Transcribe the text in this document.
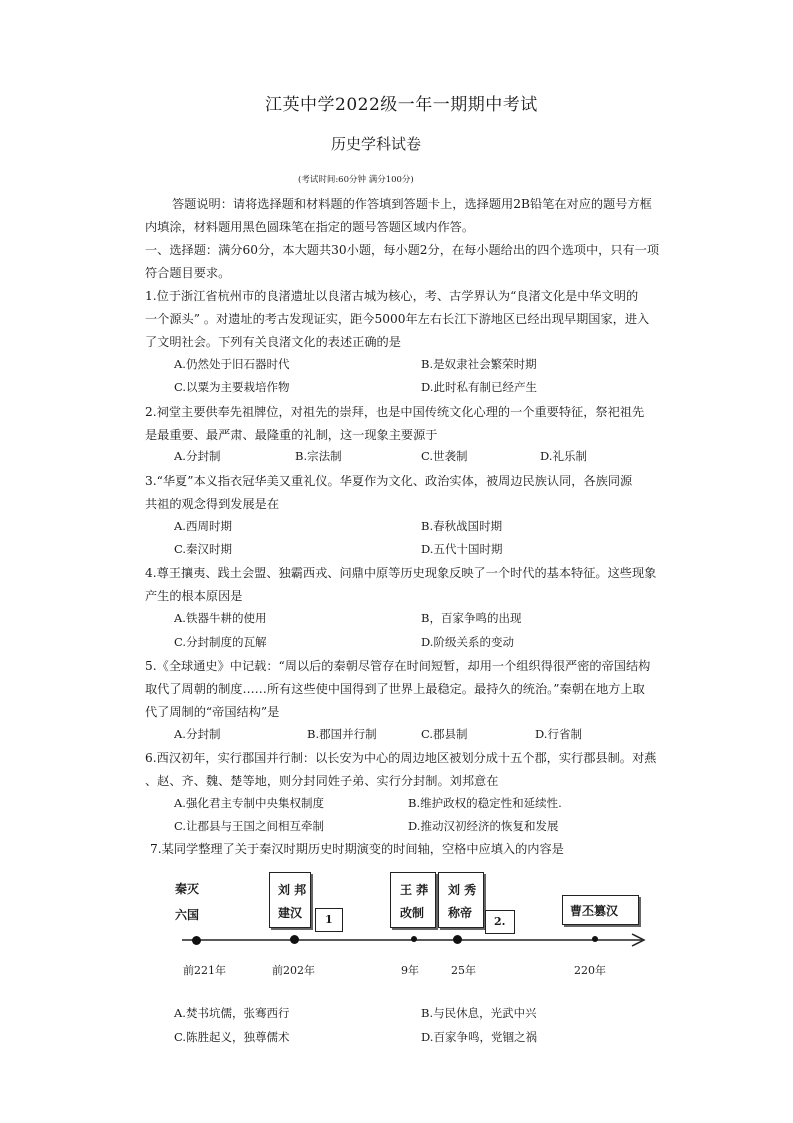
江英中学2022级一年一期期中考试
历史学科试卷
(考试时间:60分钟 满分100分)
答题说明：请将选择题和材料题的作答填到答题卡上，选择题用2B铅笔在对应的题号方框
内填涂，材料题用黑色圆珠笔在指定的题号答题区域内作答。
一、选择题：满分60分，本大题共30小题，每小题2分，在每小题给出的四个选项中，只有一项
符合题目要求。
1.位于浙江省杭州市的良渚遗址以良渚古城为核心，考、古学界认为“良渚文化是中华文明的
一个源头” 。对遗址的考古发现证实，距今5000年左右长江下游地区已经出现早期国家，进入
了文明社会。下列有关良渚文化的表述正确的是
A.仍然处于旧石器时代	B.是奴隶社会繁荣时期
C.以粟为主要栽培作物	D.此时私有制已经产生
2.祠堂主要供奉先祖牌位，对祖先的崇拜，也是中国传统文化心理的一个重要特征，祭祀祖先
是最重要、最严肃、最隆重的礼制，这一现象主要源于
A.分封制	B.宗法制	C.世袭制	D.礼乐制
3.“华夏”本义指衣冠华美又重礼仪。华夏作为文化、政治实体，被周边民族认同，各族同源
共祖的观念得到发展是在
A.西周时期	B.春秋战国时期
C.秦汉时期	D.五代十国时期
4.尊王攘夷、践土会盟、独霸西戎、问鼎中原等历史现象反映了一个时代的基本特征。这些现象
产生的根本原因是
A.铁器牛耕的使用	B，百家争鸣的出现
C.分封制度的瓦解	D.阶级关系的变动
5.《全球通史》中记载：“周以后的秦朝尽管存在时间短暂，却用一个组织得很严密的帝国结构
取代了周朝的制度……所有这些使中国得到了世界上最稳定。最持久的统治。”秦朝在地方上取
代了周制的“帝国结构”是
A.分封制	B.郡国并行制	C.郡县制	D.行省制
6.西汉初年，实行郡国并行制：以长安为中心的周边地区被划分成十五个郡，实行郡县制。对燕
、赵、齐、魏、楚等地，则分封同姓子弟、实行分封制。刘邦意在
A.强化君主专制中央集权制度	B.维护政权的稳定性和延续性.
C.让郡县与王国之间相互牵制	D.推动汉初经济的恢复和发展
7.某同学整理了关于秦汉时期历史时期演变的时间轴，空格中应填入的内容是
秦灭
六国
前221年
刘 邦
建汉
前202年
1
王 莽
改制
9年
刘 秀
称帝
25年
2.
曹丕篡汉
220年
A.焚书坑儒，张骞西行	B.与民休息，光武中兴
C.陈胜起义，独尊儒术	D.百家争鸣，党锢之祸
